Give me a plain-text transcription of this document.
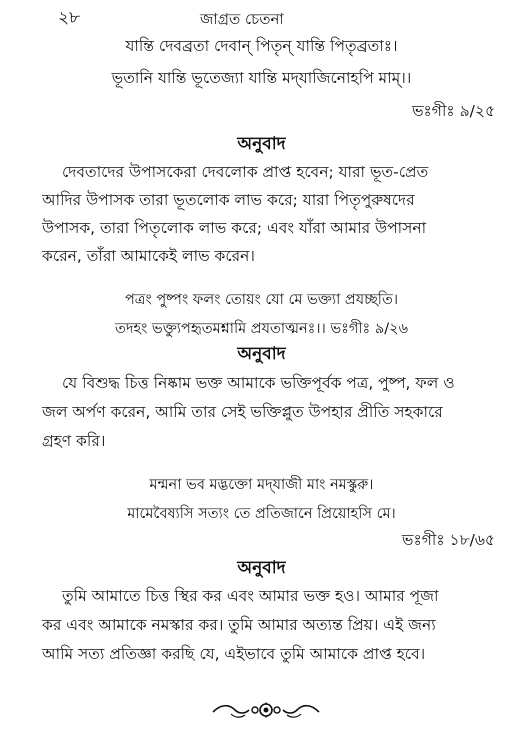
২৮	জাগ্রত চেতনা
যান্তি দেবব্রতা দেবান্ পিতৃন্ যান্তি পিতৃব্রতাঃ।
ভূতানি যান্তি ভূতেজ্যা যান্তি মদ্‌যাজিনোহপি মাম্।।
ভঃগীঃ ৯/২৫
অনুবাদ
দেবতাদের উপাসকেরা দেবলোক প্রাপ্ত হবেন; যারা ভূত-প্রেত
আদির উপাসক তারা ভূতলোক লাভ করে; যারা পিতৃপুরুষদের
উপাসক, তারা পিতৃলোক লাভ করে; এবং যাঁরা আমার উপাসনা
করেন, তাঁরা আমাকেই লাভ করেন।
পত্রং পুষ্পং ফলং তোয়ং যো মে ভক্ত্যা প্রযচ্ছতি।
তদহং ভক্ত্যুপহৃতমশ্নামি প্রযতাত্মনঃ।। ভঃগীঃ ৯/২৬
অনুবাদ
যে বিশুদ্ধ চিত্ত নিষ্কাম ভক্ত আমাকে ভক্তিপূর্বক পত্র, পুষ্প, ফল ও
জল অর্পণ করেন, আমি তার সেই ভক্তিপ্লুত উপহার প্রীতি সহকারে
গ্রহণ করি।
মন্মনা ভব মদ্ভক্তো মদ্‌যাজী মাং নমস্কুরু।
মামেবৈষ্যসি সত্যং তে প্রতিজানে প্রিয়োহসি মে।
ভঃগীঃ ১৮/৬৫
অনুবাদ
তুমি আমাতে চিত্ত স্থির কর এবং আমার ভক্ত হও। আমার পূজা
কর এবং আমাকে নমস্কার কর। তুমি আমার অত্যন্ত প্রিয়। এই জন্য
আমি সত্য প্রতিজ্ঞা করছি যে, এইভাবে তুমি আমাকে প্রাপ্ত হবে।
